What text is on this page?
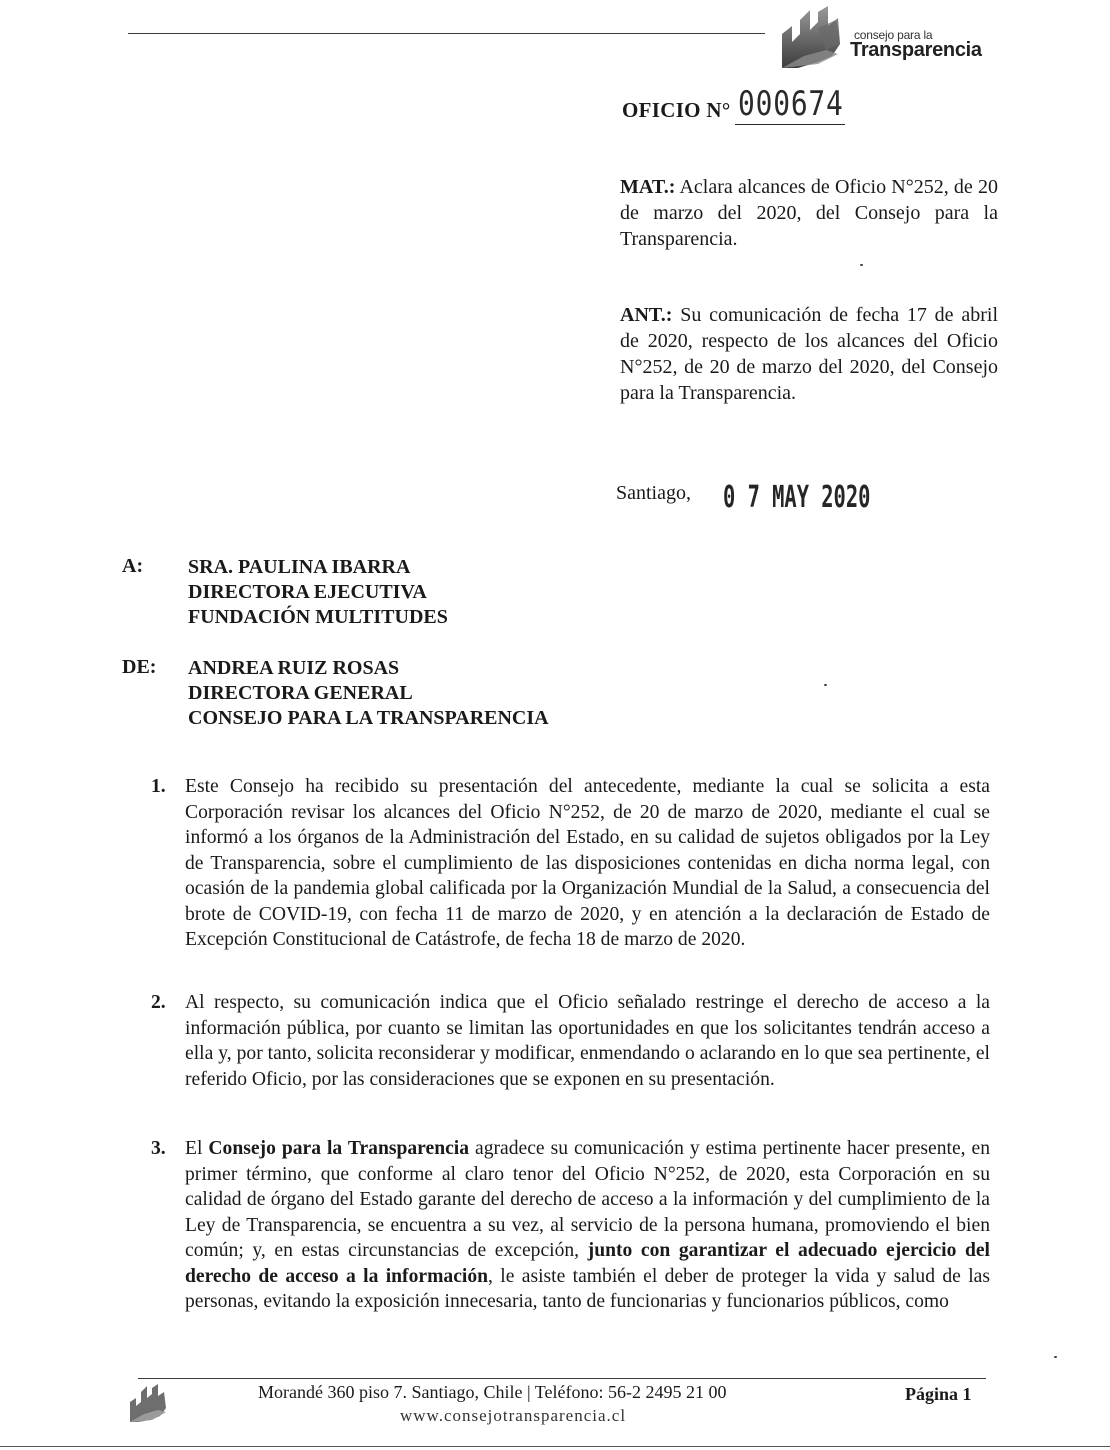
consejo para la
Transparencia
OFICIO N° 000674
MAT.: Aclara alcances de Oficio N°252, de 20 de marzo del 2020, del Consejo para la Transparencia.
ANT.: Su comunicación de fecha 17 de abril de 2020, respecto de los alcances del Oficio N°252, de 20 de marzo del 2020, del Consejo para la Transparencia.
Santiago, 0 7 MAY 2020
A: SRA. PAULINA IBARRA
DIRECTORA EJECUTIVA
FUNDACIÓN MULTITUDES
DE: ANDREA RUIZ ROSAS
DIRECTORA GENERAL
CONSEJO PARA LA TRANSPARENCIA
1. Este Consejo ha recibido su presentación del antecedente, mediante la cual se solicita a esta Corporación revisar los alcances del Oficio N°252, de 20 de marzo de 2020, mediante el cual se informó a los órganos de la Administración del Estado, en su calidad de sujetos obligados por la Ley de Transparencia, sobre el cumplimiento de las disposiciones contenidas en dicha norma legal, con ocasión de la pandemia global calificada por la Organización Mundial de la Salud, a consecuencia del brote de COVID-19, con fecha 11 de marzo de 2020, y en atención a la declaración de Estado de Excepción Constitucional de Catástrofe, de fecha 18 de marzo de 2020.
2. Al respecto, su comunicación indica que el Oficio señalado restringe el derecho de acceso a la información pública, por cuanto se limitan las oportunidades en que los solicitantes tendrán acceso a ella y, por tanto, solicita reconsiderar y modificar, enmendando o aclarando en lo que sea pertinente, el referido Oficio, por las consideraciones que se exponen en su presentación.
3. El Consejo para la Transparencia agradece su comunicación y estima pertinente hacer presente, en primer término, que conforme al claro tenor del Oficio N°252, de 2020, esta Corporación en su calidad de órgano del Estado garante del derecho de acceso a la información y del cumplimiento de la Ley de Transparencia, se encuentra a su vez, al servicio de la persona humana, promoviendo el bien común; y, en estas circunstancias de excepción, junto con garantizar el adecuado ejercicio del derecho de acceso a la información, le asiste también el deber de proteger la vida y salud de las personas, evitando la exposición innecesaria, tanto de funcionarias y funcionarios públicos, como
Morandé 360 piso 7. Santiago, Chile | Teléfono: 56-2 2495 21 00
www.consejotransparencia.cl
Página 1
